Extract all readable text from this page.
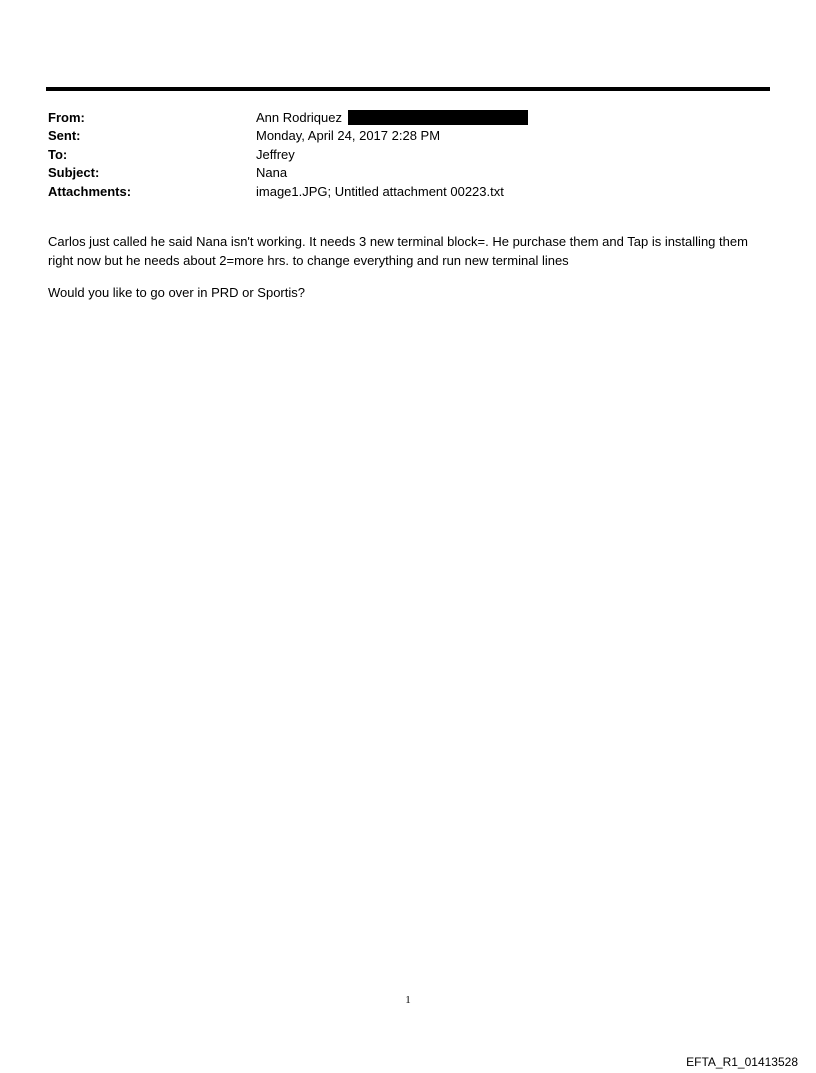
From:	Ann Rodriquez
Sent:	Monday, April 24, 2017 2:28 PM
To:	Jeffrey
Subject:	Nana
Attachments:	image1.JPG; Untitled attachment 00223.txt

Carlos just called he said Nana isn't working. It needs 3 new terminal block=. He purchase them and Tap is installing them right now but he needs about 2=more hrs. to change everything and run new terminal lines

Would you like to go over in PRD or Sportis?

1
EFTA_R1_01413528
